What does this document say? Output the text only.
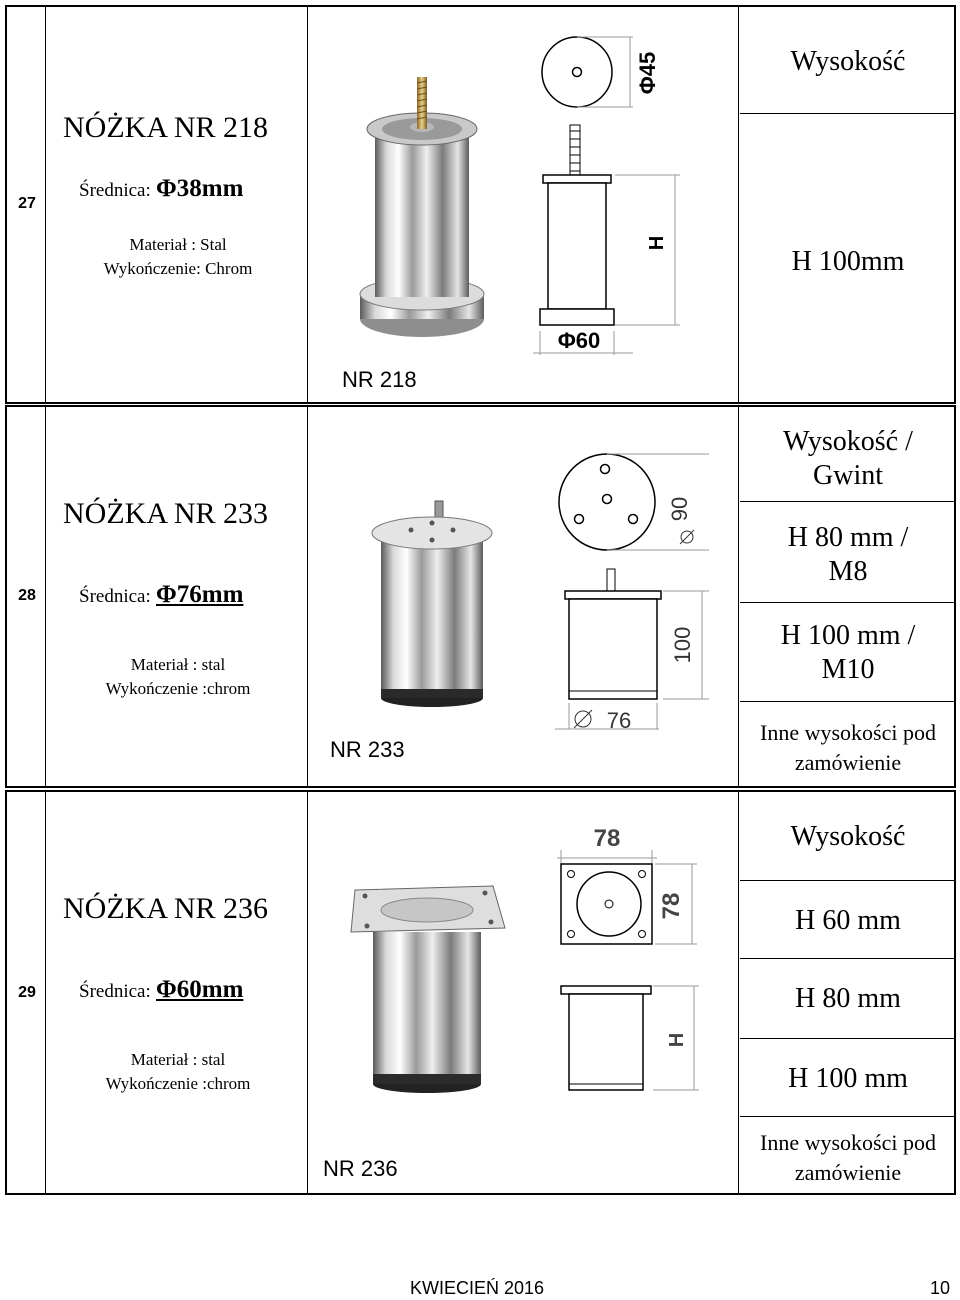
27
NÓŻKA NR 218
Średnica: Φ38mm
Materiał : Stal
Wykończenie: Chrom
NR 218
Φ45
H
Φ60
Wysokość
H 100mm
28
NÓŻKA NR 233
Średnica: Φ76mm
Materiał : stal
Wykończenie :chrom
NR 233
90
100
76
Wysokość /
Gwint
H 80 mm /
M8
H 100 mm /
M10
Inne wysokości pod
zamówienie
29
NÓŻKA NR 236
Średnica: Φ60mm
Materiał : stal
Wykończenie :chrom
NR 236
78
78
H
Wysokość
H 60 mm
H 80 mm
H 100 mm
Inne wysokości pod
zamówienie
KWIECIEŃ 2016	10
